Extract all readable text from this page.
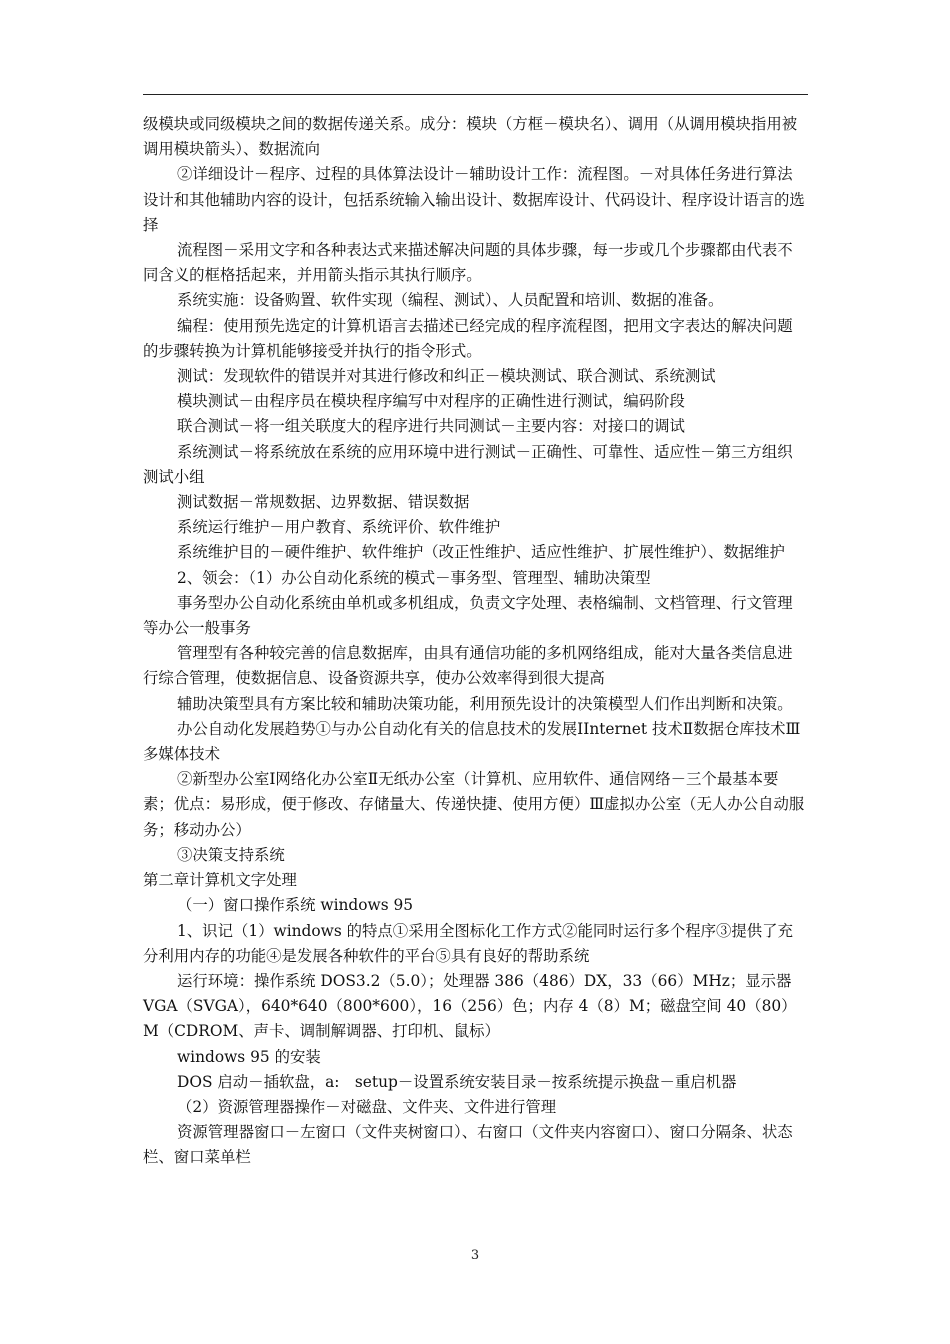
级模块或同级模块之间的数据传递关系。成分：模块（方框－模块名）、调用（从调用模块指用被调用模块箭头）、数据流向

②详细设计－程序、过程的具体算法设计－辅助设计工作：流程图。－对具体任务进行算法设计和其他辅助内容的设计，包括系统输入输出设计、数据库设计、代码设计、程序设计语言的选择

流程图－采用文字和各种表达式来描述解决问题的具体步骤，每一步或几个步骤都由代表不同含义的框格括起来，并用箭头指示其执行顺序。

系统实施：设备购置、软件实现（编程、测试）、人员配置和培训、数据的准备。

编程：使用预先选定的计算机语言去描述已经完成的程序流程图，把用文字表达的解决问题的步骤转换为计算机能够接受并执行的指令形式。

测试：发现软件的错误并对其进行修改和纠正－模块测试、联合测试、系统测试

模块测试－由程序员在模块程序编写中对程序的正确性进行测试，编码阶段

联合测试－将一组关联度大的程序进行共同测试－主要内容：对接口的调试

系统测试－将系统放在系统的应用环境中进行测试－正确性、可靠性、适应性－第三方组织测试小组

测试数据－常规数据、边界数据、错误数据

系统运行维护－用户教育、系统评价、软件维护

系统维护目的－硬件维护、软件维护（改正性维护、适应性维护、扩展性维护）、数据维护

2、领会：（1）办公自动化系统的模式－事务型、管理型、辅助决策型

事务型办公自动化系统由单机或多机组成，负责文字处理、表格编制、文档管理、行文管理等办公一般事务

管理型有各种较完善的信息数据库，由具有通信功能的多机网络组成，能对大量各类信息进行综合管理，使数据信息、设备资源共享，使办公效率得到很大提高

辅助决策型具有方案比较和辅助决策功能，利用预先设计的决策模型人们作出判断和决策。

办公自动化发展趋势①与办公自动化有关的信息技术的发展ⅠInternet 技术Ⅱ数据仓库技术Ⅲ多媒体技术

②新型办公室Ⅰ网络化办公室Ⅱ无纸办公室（计算机、应用软件、通信网络－三个最基本要素；优点：易形成，便于修改、存储量大、传递快捷、使用方便）Ⅲ虚拟办公室（无人办公自动服务；移动办公）

③决策支持系统

第二章计算机文字处理

（一）窗口操作系统 windows 95

1、识记（1）windows 的特点①采用全图标化工作方式②能同时运行多个程序③提供了充分利用内存的功能④是发展各种软件的平台⑤具有良好的帮助系统

运行环境：操作系统 DOS3.2（5.0）；处理器 386（486）DX，33（66）MHz；显示器 VGA（SVGA），640*640（800*600），16（256）色；内存 4（8）M；磁盘空间 40（80）M（CDROM、声卡、调制解调器、打印机、鼠标）

windows 95 的安装

DOS 启动－插软盘，a:　setup－设置系统安装目录－按系统提示换盘－重启机器

（2）资源管理器操作－对磁盘、文件夹、文件进行管理

资源管理器窗口－左窗口（文件夹树窗口）、右窗口（文件夹内容窗口）、窗口分隔条、状态栏、窗口菜单栏

3
